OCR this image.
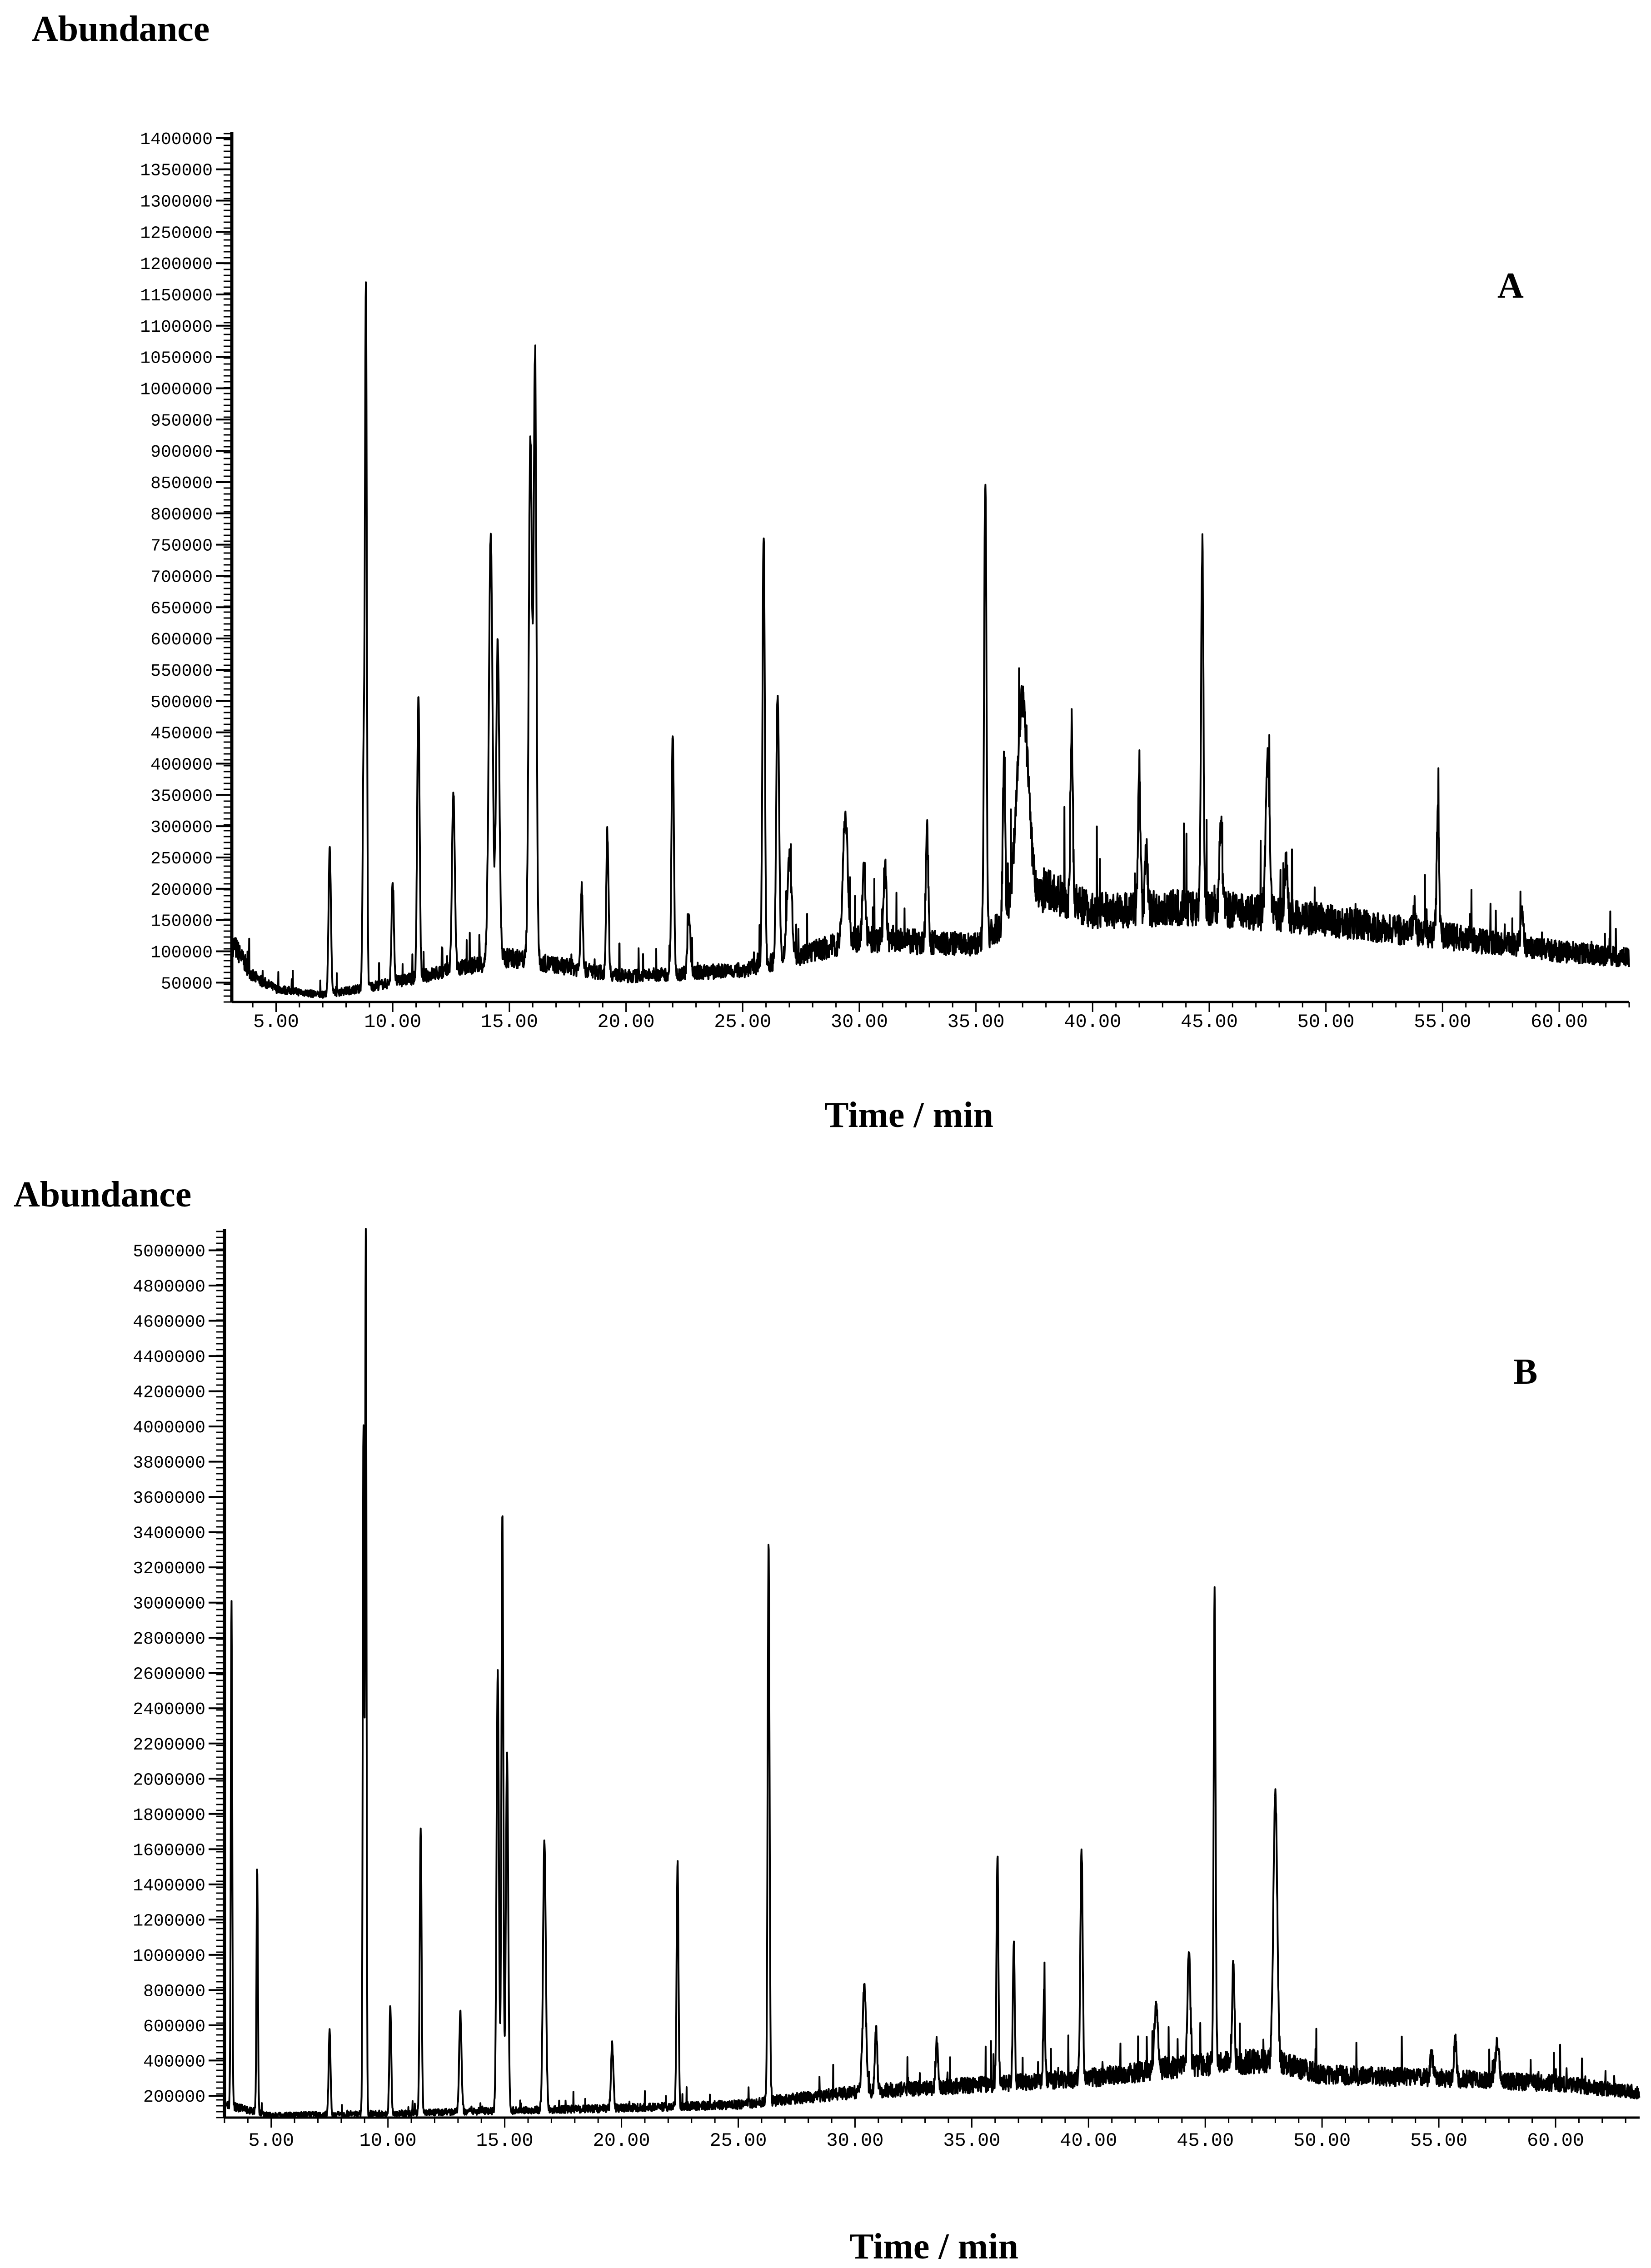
Abundance
A
Time / min
1400000
1350000
1300000
1250000
1200000
1150000
1100000
1050000
1000000
950000
900000
850000
800000
750000
700000
650000
600000
550000
500000
450000
400000
350000
300000
250000
200000
150000
100000
50000
5.00	10.00	15.00	20.00	25.00	30.00	35.00	40.00	45.00	50.00	55.00	60.00
Abundance
B
Time / min
5000000
4800000
4600000
4400000
4200000
4000000
3800000
3600000
3400000
3200000
3000000
2800000
2600000
2400000
2200000
2000000
1800000
1600000
1400000
1200000
1000000
800000
600000
400000
200000
5.00	10.00	15.00	20.00	25.00	30.00	35.00	40.00	45.00	50.00	55.00	60.00
